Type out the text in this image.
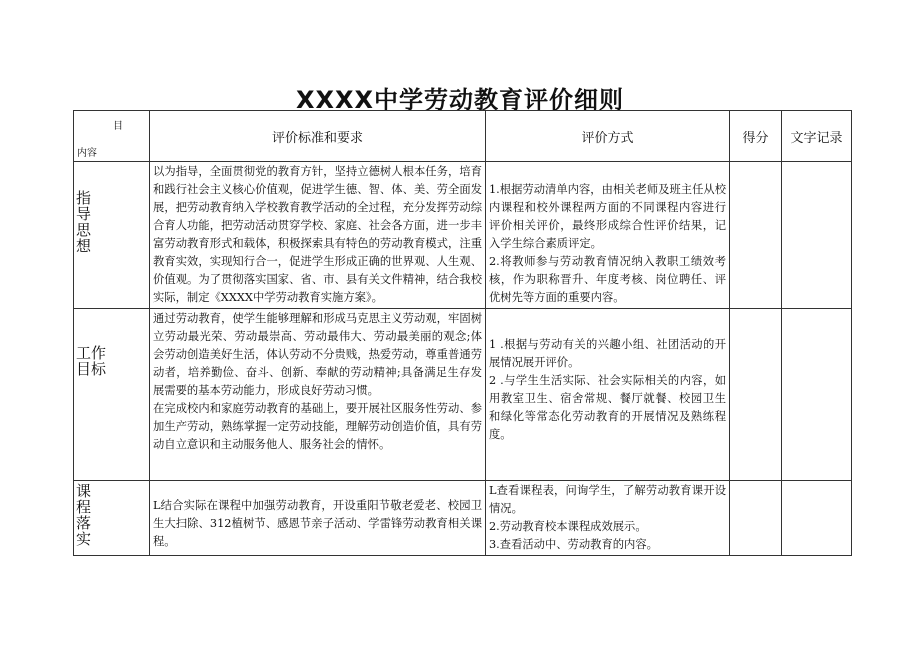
XXXX中学劳动教育评价细则
目
内容	评价标准和要求	评价方式	得分	文字记录

指导思想	以为指导，全面贯彻党的教育方针，坚持立德树人根本任务，培育和践行社会主义核心价值观，促进学生德、智、体、美、劳全面发展，把劳动教育纳入学校教育教学活动的全过程，充分发挥劳动综合育人功能，把劳动活动贯穿学校、家庭、社会各方面，进一步丰富劳动教育形式和载体，积极探索具有特色的劳动教育模式，注重教育实效，实现知行合一，促进学生形成正确的世界观、人生观、价值观。为了贯彻落实国家、省、市、县有关文件精神，结合我校实际，制定《XXXX中学劳动教育实施方案》。	1.根据劳动清单内容，由相关老师及班主任从校内课程和校外课程两方面的不同课程内容进行评价相关评价，最终形成综合性评价结果，记入学生综合素质评定。
2.将教师参与劳动教育情况纳入教职工绩效考核，作为职称晋升、年度考核、岗位聘任、评优树先等方面的重要内容。		

工作目标	通过劳动教育，使学生能够理解和形成马克思主义劳动观，牢固树立劳动最光荣、劳动最崇高、劳动最伟大、劳动最美丽的观念;体会劳动创造美好生活，体认劳动不分贵贱，热爱劳动，尊重普通劳动者，培养勤俭、奋斗、创新、奉献的劳动精神;具备满足生存发展需要的基本劳动能力，形成良好劳动习惯。
在完成校内和家庭劳动教育的基础上，要开展社区服务性劳动、参加生产劳动，熟练掌握一定劳动技能，理解劳动创造价值，具有劳动自立意识和主动服务他人、服务社会的情怀。	1 .根据与劳动有关的兴趣小组、社团活动的开展情况展开评价。
2 .与学生生活实际、社会实际相关的内容，如用教室卫生、宿舍常规、餐厅就餐、校园卫生和绿化等常态化劳动教育的开展情况及熟练程度。		

课程落实	L结合实际在课程中加强劳动教育，开设重阳节敬老爱老、校园卫生大扫除、312植树节、感恩节亲子活动、学雷锋劳动教育相关课程。	L查看课程表，问询学生，了解劳动教育课开设情况。
2.劳动教育校本课程成效展示。
3.查看活动中、劳动教育的内容。		
